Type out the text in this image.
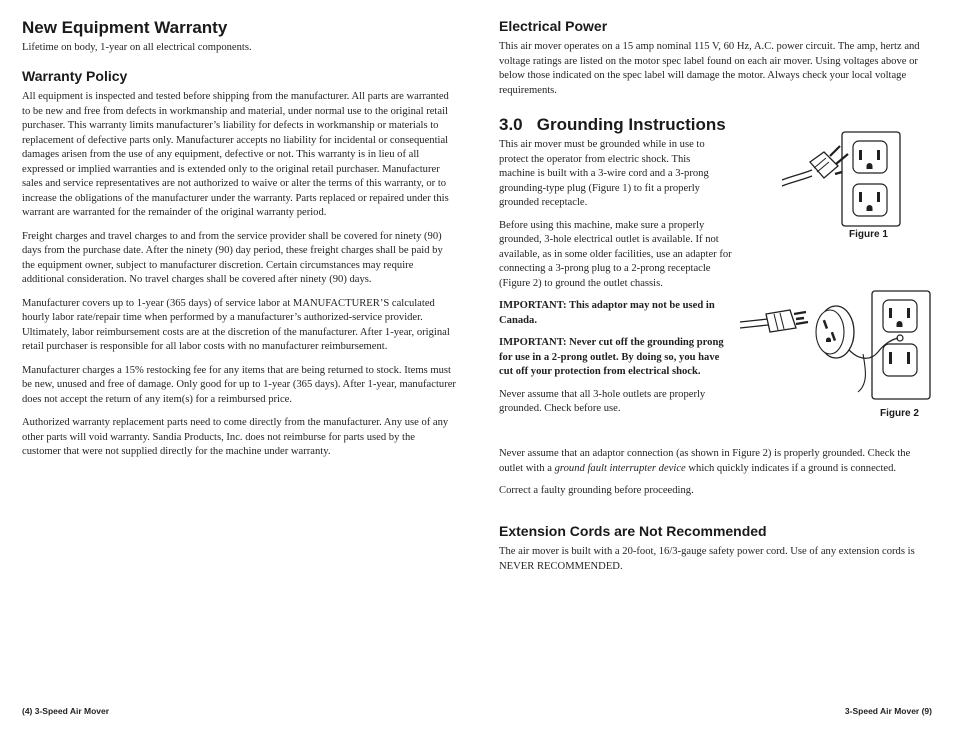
New Equipment Warranty

Lifetime on body, 1-year on all electrical components.

Warranty Policy

All equipment is inspected and tested before shipping from the manufacturer. All parts are warranted to be new and free from defects in workmanship and material, under normal use to the original retail purchaser. This warranty limits manufacturer’s liability for defects in workmanship or materials to replacement of defective parts only. Manufacturer accepts no liability for incidental or consequential damages arisen from the use of any equipment, defective or not. This warranty is in lieu of all expressed or implied warranties and is extended only to the original retail purchaser. Manufacturer sales and service representatives are not authorized to waive or alter the terms of this warranty, or to increase the obligations of the manufacturer under the warranty. Parts replaced or repaired under this warrant are warranted for the remainder of the original warranty period.

Freight charges and travel charges to and from the service provider shall be covered for ninety (90) days from the purchase date. After the ninety (90) day period, these freight charges shall be paid by the equipment owner, subject to manufacturer discretion. Certain circumstances may require additional consideration. No travel charges shall be covered after ninety (90) days.

Manufacturer covers up to 1-year (365 days) of service labor at MANUFACTURER’S calculated hourly labor rate/repair time when performed by a manufacturer’s authorized-service provider. Ultimately, labor reimbursement costs are at the discretion of the manufacturer. After 1-year, original retail purchaser is responsible for all labor costs with no manufacturer reimbursement.

Manufacturer charges a 15% restocking fee for any items that are being returned to stock. Items must be new, unused and free of damage. Only good for up to 1-year (365 days). After 1-year, manufacturer does not accept the return of any item(s) for a reimbursed price.

Authorized warranty replacement parts need to come directly from the manufacturer. Any use of any other parts will void warranty. Sandia Products, Inc. does not reimburse for parts used by the customer that were not supplied directly for the machine under warranty.

(4) 3-Speed Air Mover
Electrical Power

This air mover operates on a 15 amp nominal 115 V, 60 Hz, A.C. power circuit. The amp, hertz and voltage ratings are listed on the motor spec label found on each air mover. Using voltages above or below those indicated on the spec label will damage the motor. Always check your local voltage requirements.

3.0   Grounding Instructions

This air mover must be grounded while in use to protect the operator from electric shock. This machine is built with a 3-wire cord and a 3-prong grounding-type plug (Figure 1) to fit a properly grounded receptacle.

Before using this machine, make sure a properly grounded, 3-hole electrical outlet is available. If not available, as in some older facilities, use an adapter for connecting a 3-prong plug to a 2-prong receptacle (Figure 2) to ground the outlet chassis.

IMPORTANT: This adaptor may not be used in Canada.

IMPORTANT: Never cut off the grounding prong for use in a 2-prong outlet. By doing so, you have cut off your protection from electrical shock.

Never assume that all 3-hole outlets are properly grounded. Check before use.

Never assume that an adaptor connection (as shown in Figure 2) is properly grounded. Check the outlet with a ground fault interrupter device which quickly indicates if a ground is connected.

Correct a faulty grounding before proceeding.

Extension Cords are Not Recommended

The air mover is built with a 20-foot, 16/3-gauge safety power cord. Use of any extension cords is NEVER RECOMMENDED.

Figure 1
Figure 2
3-Speed Air Mover (9)
